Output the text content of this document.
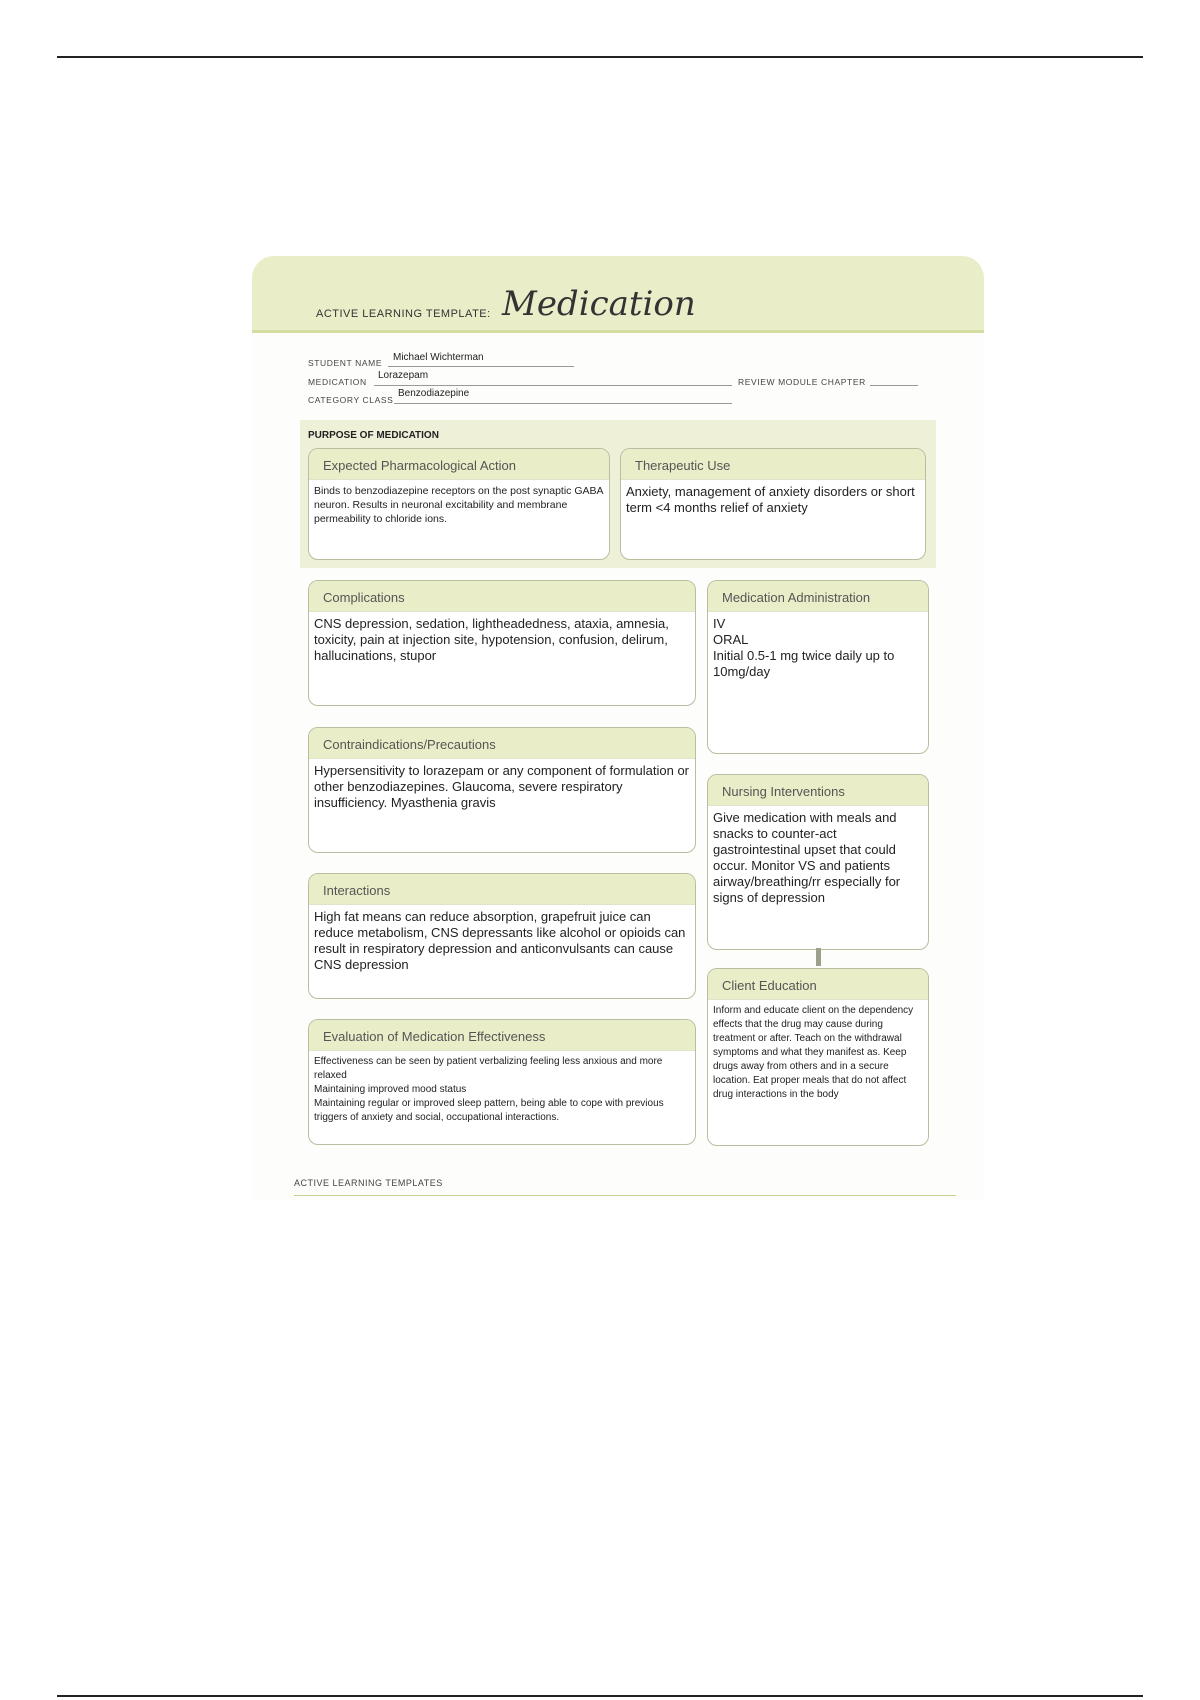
ACTIVE LEARNING TEMPLATE: Medication
STUDENT NAME Michael Wichterman
MEDICATION
Lorazepam
REVIEW MODULE CHAPTER
CATEGORY CLASS
Benzodiazepine
PURPOSE OF MEDICATION
Expected Pharmacological Action
Binds to benzodiazepine receptors on the post synaptic GABA neuron. Results in neuronal excitability and membrane permeability to chloride ions.
Therapeutic Use
Anxiety, management of anxiety disorders or short term <4 months relief of anxiety
Complications
CNS depression, sedation, lightheadedness, ataxia, amnesia, toxicity, pain at injection site, hypotension, confusion, delirum, hallucinations, stupor
Medication Administration
IV
ORAL
Initial 0.5-1 mg twice daily up to 10mg/day
Contraindications/Precautions
Hypersensitivity to lorazepam or any component of formulation or other benzodiazepines. Glaucoma, severe respiratory insufficiency. Myasthenia gravis
Nursing Interventions
Give medication with meals and snacks to counter-act gastrointestinal upset that could occur. Monitor VS and patients airway/breathing/rr especially for signs of depression
Interactions
High fat means can reduce absorption, grapefruit juice can reduce metabolism, CNS depressants like alcohol or opioids can result in respiratory depression and anticonvulsants can cause CNS depression
Client Education
Inform and educate client on the dependency effects that the drug may cause during treatment or after. Teach on the withdrawal symptoms and what they manifest as. Keep drugs away from others and in a secure location. Eat proper meals that do not affect drug interactions in the body
Evaluation of Medication Effectiveness
Effectiveness can be seen by patient verbalizing feeling less anxious and more relaxed
Maintaining improved mood status
Maintaining regular or improved sleep pattern, being able to cope with previous triggers of anxiety and social, occupational interactions.
ACTIVE LEARNING TEMPLATES
